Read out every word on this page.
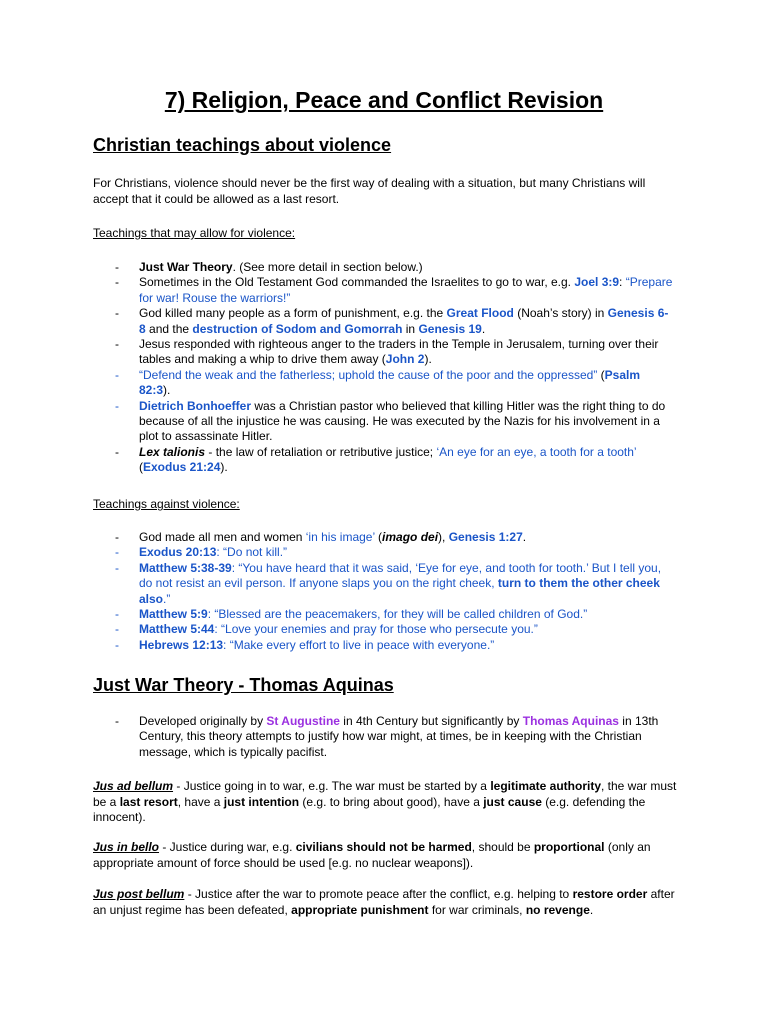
7) Religion, Peace and Conflict Revision
Christian teachings about violence

For Christians, violence should never be the first way of dealing with a situation, but many Christians will accept that it could be allowed as a last resort.

Teachings that may allow for violence:

- Just War Theory. (See more detail in section below.)
- Sometimes in the Old Testament God commanded the Israelites to go to war, e.g. Joel 3:9: “Prepare for war! Rouse the warriors!”
- God killed many people as a form of punishment, e.g. the Great Flood (Noah’s story) in Genesis 6-8 and the destruction of Sodom and Gomorrah in Genesis 19.
- Jesus responded with righteous anger to the traders in the Temple in Jerusalem, turning over their tables and making a whip to drive them away (John 2).
- “Defend the weak and the fatherless; uphold the cause of the poor and the oppressed” (Psalm 82:3).
- Dietrich Bonhoeffer was a Christian pastor who believed that killing Hitler was the right thing to do because of all the injustice he was causing. He was executed by the Nazis for his involvement in a plot to assassinate Hitler.
- Lex talionis - the law of retaliation or retributive justice; ‘An eye for an eye, a tooth for a tooth’ (Exodus 21:24).

Teachings against violence:

- God made all men and women ‘in his image’ (imago dei), Genesis 1:27.
- Exodus 20:13: “Do not kill.”
- Matthew 5:38-39: “You have heard that it was said, ‘Eye for eye, and tooth for tooth.’ But I tell you, do not resist an evil person. If anyone slaps you on the right cheek, turn to them the other cheek also.”
- Matthew 5:9: “Blessed are the peacemakers, for they will be called children of God.”
- Matthew 5:44: “Love your enemies and pray for those who persecute you.”
- Hebrews 12:13: “Make every effort to live in peace with everyone.”
Just War Theory - Thomas Aquinas
- Developed originally by St Augustine in 4th Century but significantly by Thomas Aquinas in 13th Century, this theory attempts to justify how war might, at times, be in keeping with the Christian message, which is typically pacifist.

Jus ad bellum - Justice going in to war, e.g. The war must be started by a legitimate authority, the war must be a last resort, have a just intention (e.g. to bring about good), have a just cause (e.g. defending the innocent).

Jus in bello - Justice during war, e.g. civilians should not be harmed, should be proportional (only an appropriate amount of force should be used [e.g. no nuclear weapons]).

Jus post bellum - Justice after the war to promote peace after the conflict, e.g. helping to restore order after an unjust regime has been defeated, appropriate punishment for war criminals, no revenge.
